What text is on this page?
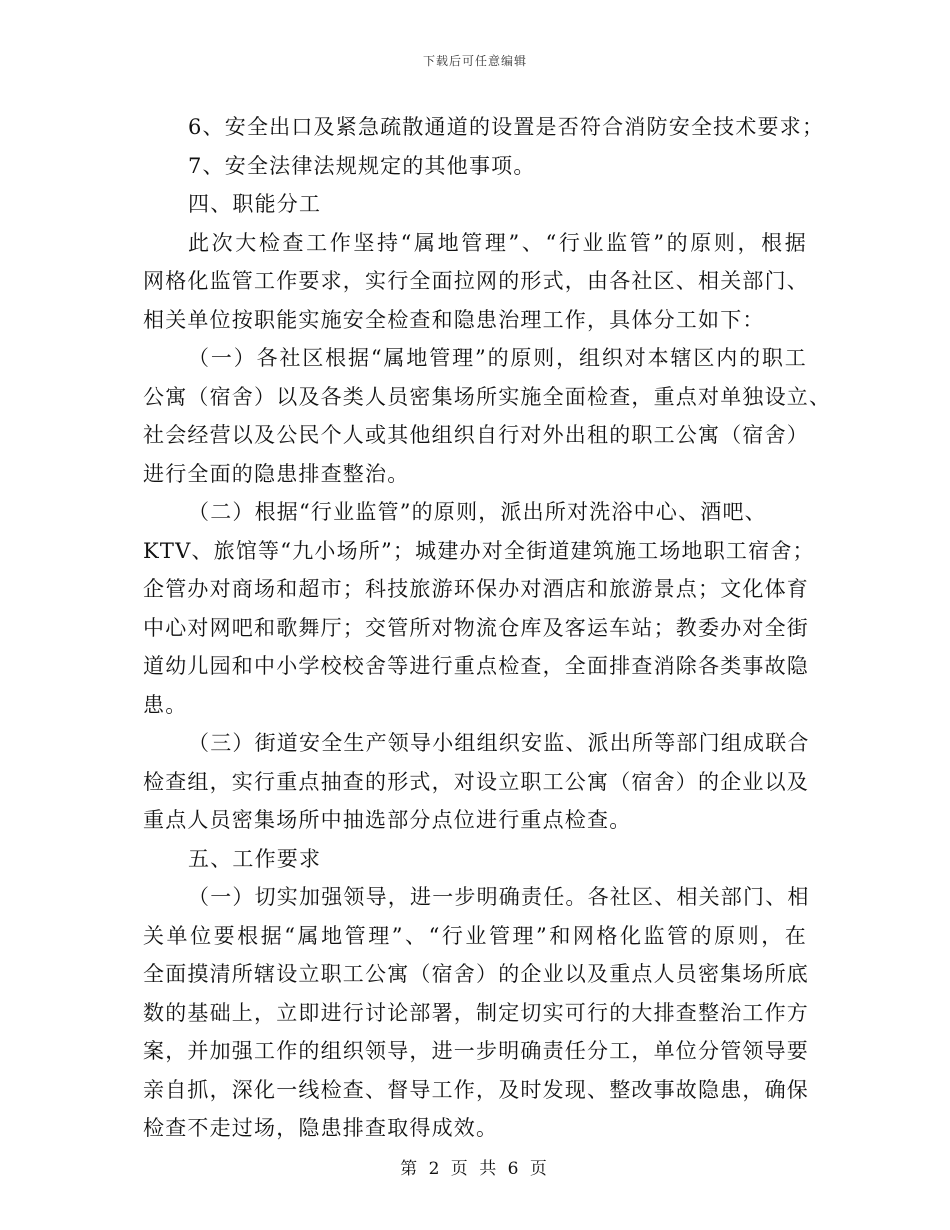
下载后可任意编辑
6、安全出口及紧急疏散通道的设置是否符合消防安全技术要求；
7、安全法律法规规定的其他事项。
四、职能分工
此次大检查工作坚持“属地管理”、“行业监管”的原则，根据
网格化监管工作要求，实行全面拉网的形式，由各社区、相关部门、
相关单位按职能实施安全检查和隐患治理工作，具体分工如下：
（一）各社区根据“属地管理”的原则，组织对本辖区内的职工
公寓（宿舍）以及各类人员密集场所实施全面检查，重点对单独设立、
社会经营以及公民个人或其他组织自行对外出租的职工公寓（宿舍）
进行全面的隐患排查整治。
（二）根据“行业监管”的原则，派出所对洗浴中心、酒吧、
KTV、旅馆等“九小场所”；城建办对全街道建筑施工场地职工宿舍；
企管办对商场和超市；科技旅游环保办对酒店和旅游景点；文化体育
中心对网吧和歌舞厅；交管所对物流仓库及客运车站；教委办对全街
道幼儿园和中小学校校舍等进行重点检查，全面排查消除各类事故隐
患。
（三）街道安全生产领导小组组织安监、派出所等部门组成联合
检查组，实行重点抽查的形式，对设立职工公寓（宿舍）的企业以及
重点人员密集场所中抽选部分点位进行重点检查。
五、工作要求
（一）切实加强领导，进一步明确责任。各社区、相关部门、相
关单位要根据“属地管理”、“行业管理”和网格化监管的原则，在
全面摸清所辖设立职工公寓（宿舍）的企业以及重点人员密集场所底
数的基础上，立即进行讨论部署，制定切实可行的大排查整治工作方
案，并加强工作的组织领导，进一步明确责任分工，单位分管领导要
亲自抓，深化一线检查、督导工作，及时发现、整改事故隐患，确保
检查不走过场，隐患排查取得成效。
第 2 页 共 6 页
